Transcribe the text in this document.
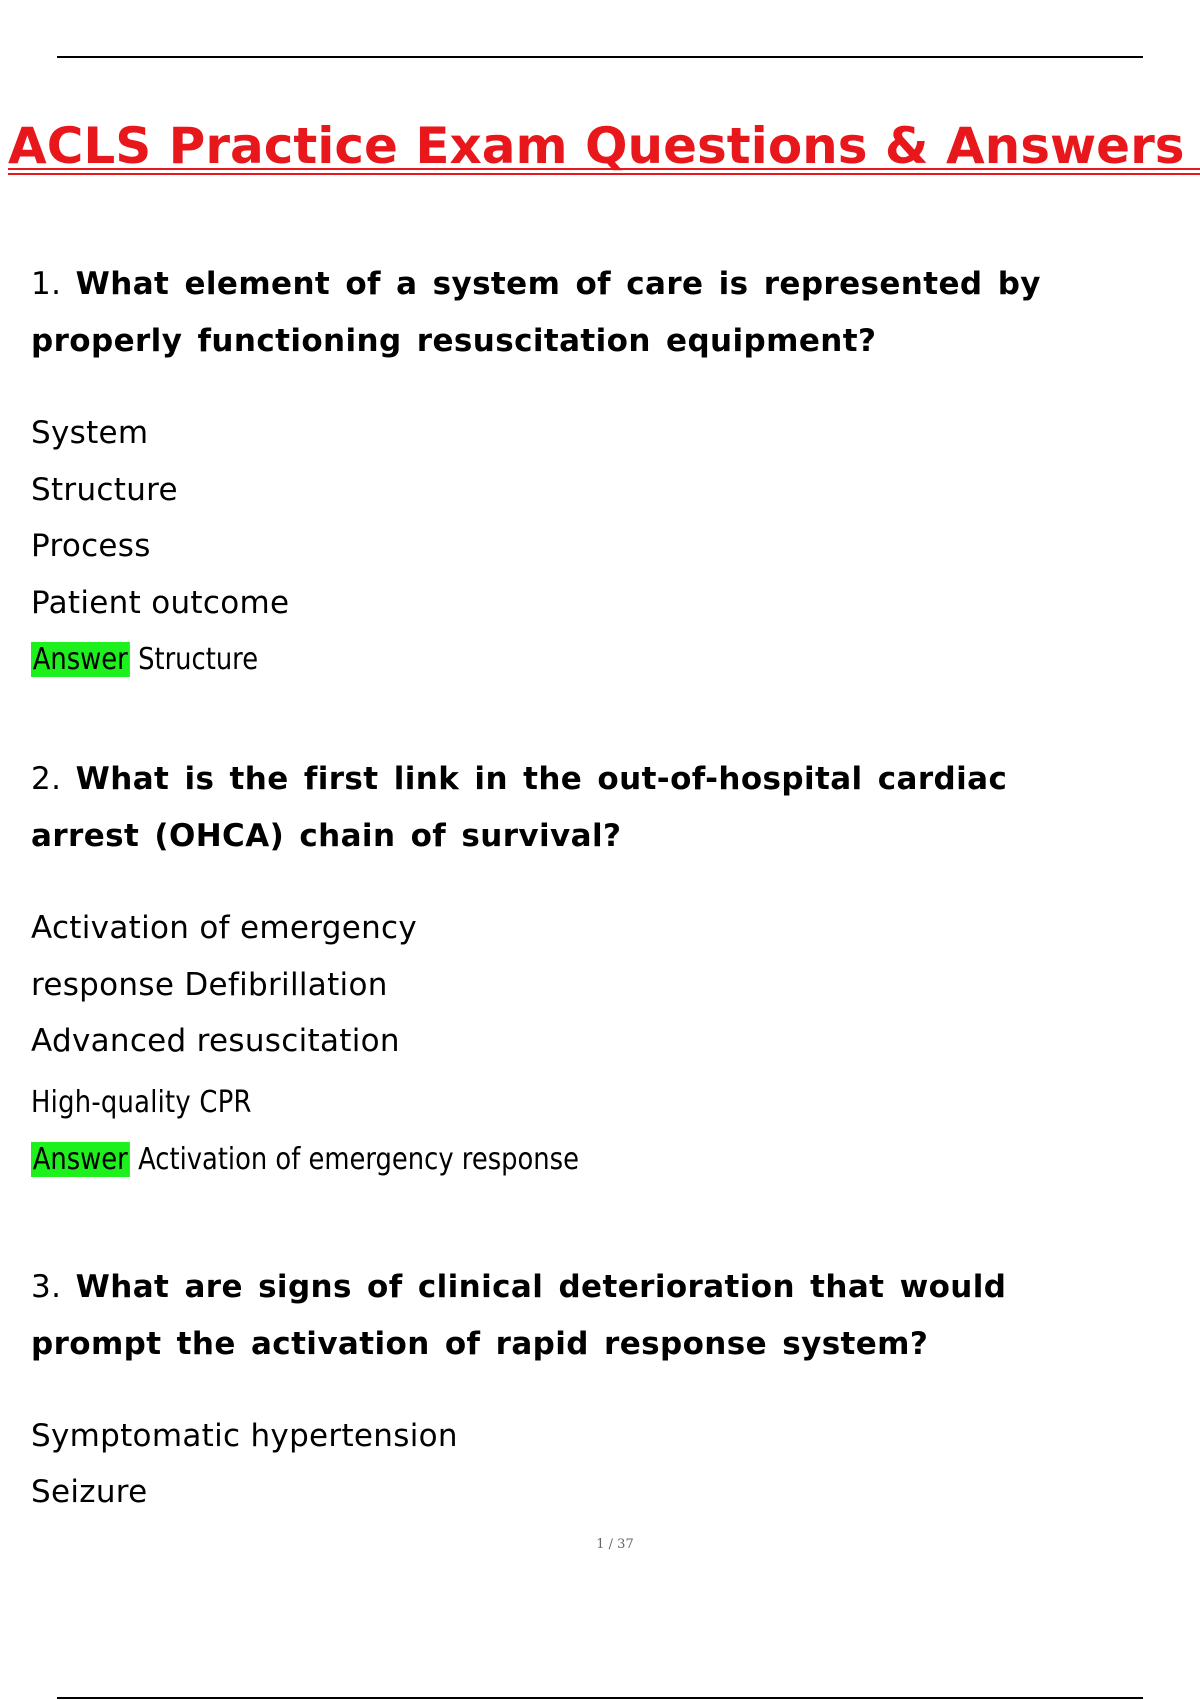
ACLS Practice Exam Questions & Answers

1. What element of a system of care is represented by properly functioning resuscitation equipment?

System
Structure
Process
Patient outcome
Answer Structure

2. What is the first link in the out-of-hospital cardiac arrest (OHCA) chain of survival?

Activation of emergency
response Defibrillation
Advanced resuscitation
High-quality CPR
Answer Activation of emergency response

3. What are signs of clinical deterioration that would prompt the activation of rapid response system?

Symptomatic hypertension
Seizure
1 / 37
